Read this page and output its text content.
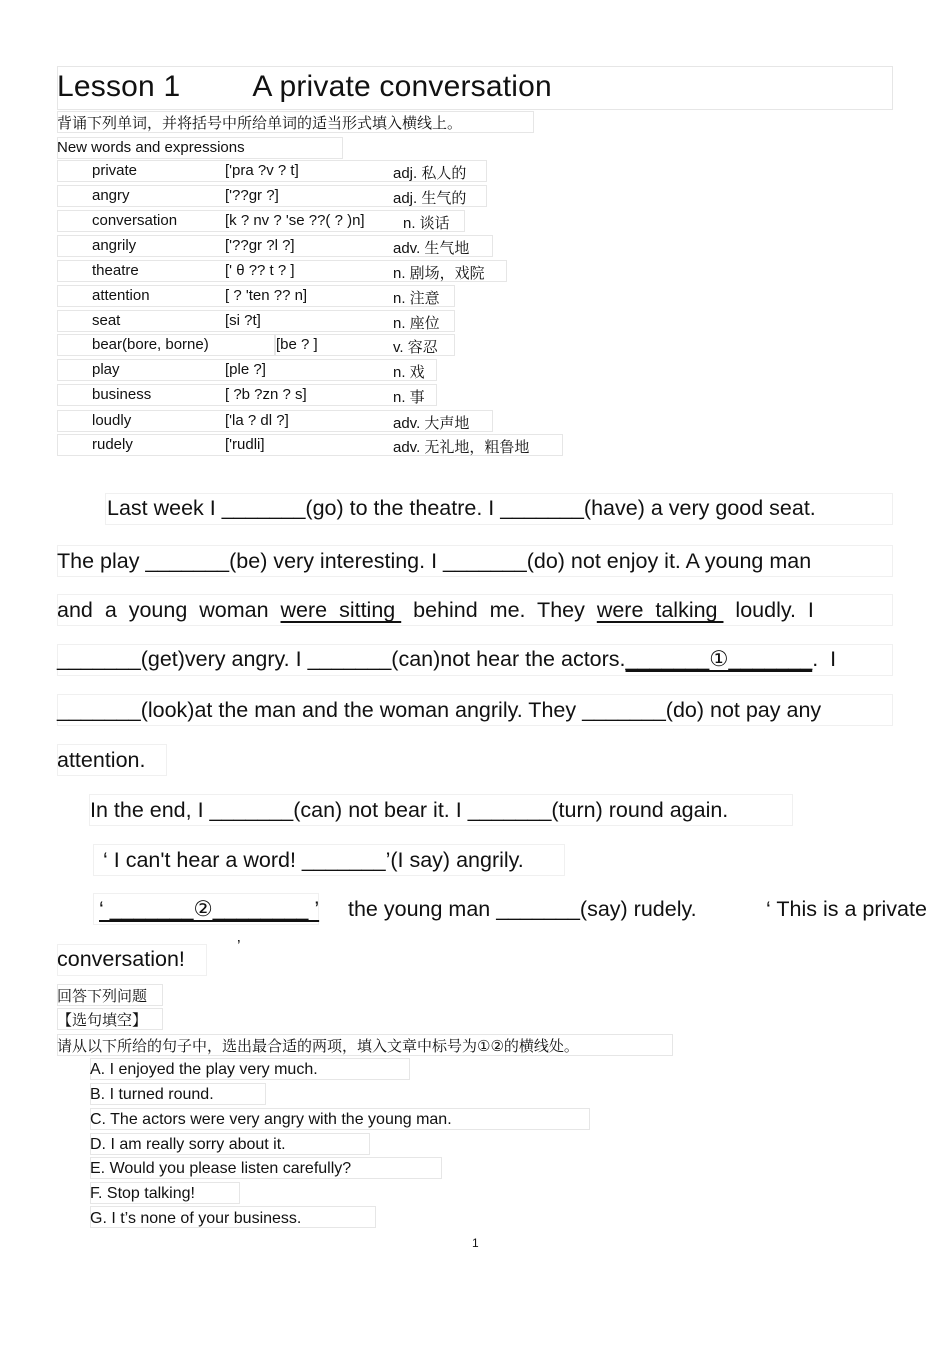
Lesson 1 A private conversation
背诵下列单词，并将括号中所给单词的适当形式填入横线上。
New words and expressions
private	['pra ?v ? t]	adj. 私人的
angry	['??gr ?]	adj. 生气的
conversation	[k ? nv ? 'se ??( ? )n]	n. 谈话
angrily	['??gr ?l ?]	adv. 生气地
theatre	[' θ ?? t ? ]	n. 剧场，戏院
attention	[ ? 'ten ?? n]	n. 注意
seat	[si ?t]	n. 座位
bear(bore, borne)	[be ? ]	v. 容忍
play	[ple ?]	n. 戏
business	[ ?b ?zn ? s]	n. 事
loudly	['la ? dl ?]	adv. 大声地
rudely	['rudli]	adv. 无礼地，粗鲁地
Last week I _______(go) to the theatre. I _______(have) a very good seat.
The play _______(be) very interesting. I _______(do) not enjoy it. A young man
and  a  young  woman  were  sitting   behind  me.  They  were  talking   loudly.  I
_______(get)very angry. I _______(can)not hear the actors._______①_______.  I
_______(look)at the man and the woman angrily. They _______(do) not pay any
attention.
In the end, I _______(can) not bear it. I _______(turn) round again.
‘ I can't hear a word! _______’(I say) angrily.
‘ _______②________ ’ the young man _______(say) rudely.	‘ This is a private
conversation!
’
回答下列问题
【选句填空】
请从以下所给的句子中，选出最合适的两项，填入文章中标号为①②的横线处。
A. I enjoyed the play very much.
B. I turned round.
C. The actors were very angry with the young man.
D. I am really sorry about it.
E. Would you please listen carefully?
F. Stop talking!
G. I t’s none of your business.
1
